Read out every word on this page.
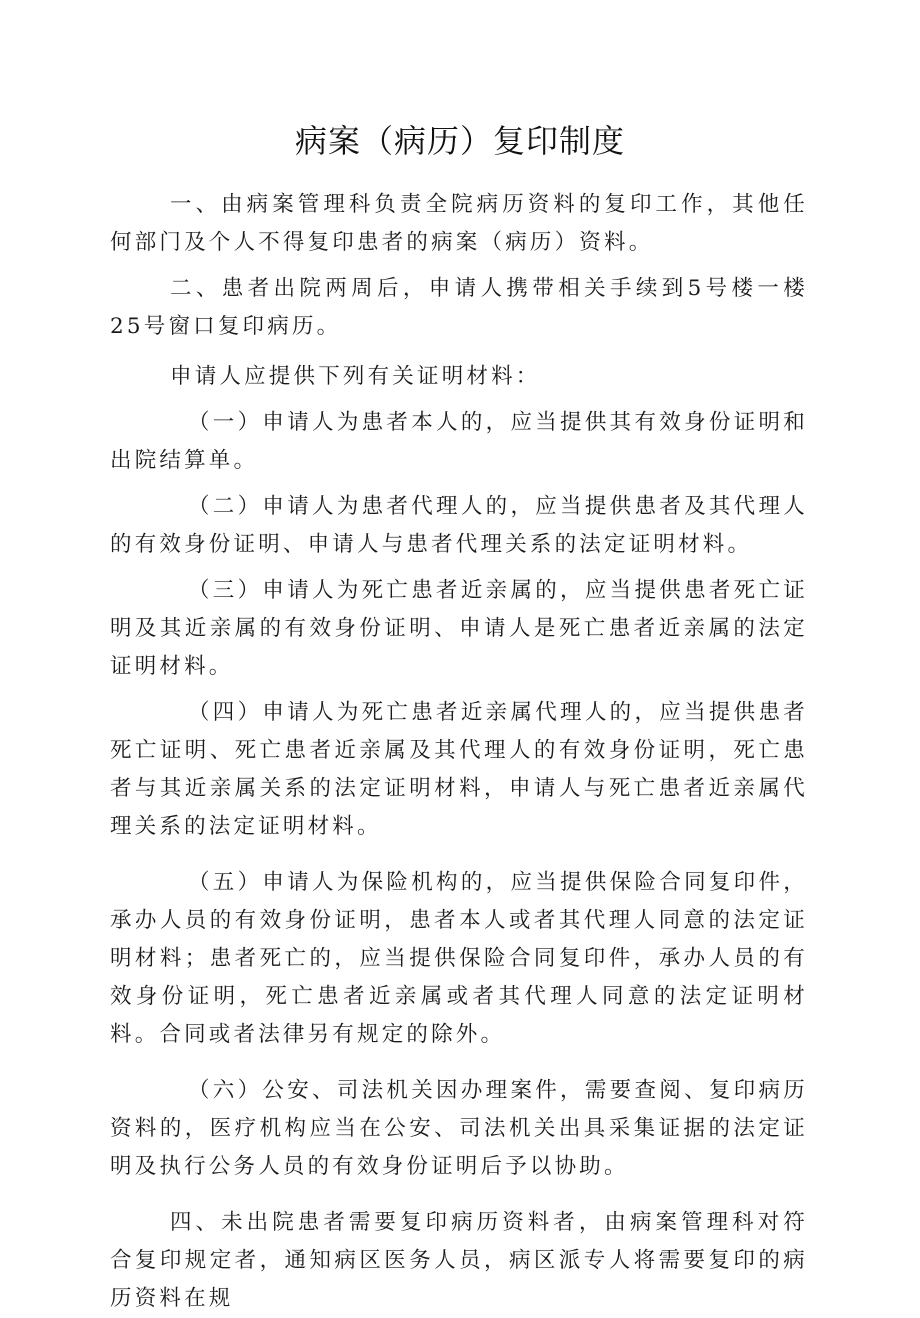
病案（病历）复印制度

一、由病案管理科负责全院病历资料的复印工作，其他任何部门及个人不得复印患者的病案（病历）资料。

二、患者出院两周后，申请人携带相关手续到5号楼一楼25号窗口复印病历。

申请人应提供下列有关证明材料：

（一）申请人为患者本人的，应当提供其有效身份证明和出院结算单。

（二）申请人为患者代理人的，应当提供患者及其代理人的有效身份证明、申请人与患者代理关系的法定证明材料。

（三）申请人为死亡患者近亲属的，应当提供患者死亡证明及其近亲属的有效身份证明、申请人是死亡患者近亲属的法定证明材料。

（四）申请人为死亡患者近亲属代理人的，应当提供患者死亡证明、死亡患者近亲属及其代理人的有效身份证明，死亡患者与其近亲属关系的法定证明材料，申请人与死亡患者近亲属代理关系的法定证明材料。

（五）申请人为保险机构的，应当提供保险合同复印件，承办人员的有效身份证明，患者本人或者其代理人同意的法定证明材料；患者死亡的，应当提供保险合同复印件，承办人员的有效身份证明，死亡患者近亲属或者其代理人同意的法定证明材料。合同或者法律另有规定的除外。

（六）公安、司法机关因办理案件，需要查阅、复印病历资料的，医疗机构应当在公安、司法机关出具采集证据的法定证明及执行公务人员的有效身份证明后予以协助。

四、未出院患者需要复印病历资料者，由病案管理科对符合复印规定者，通知病区医务人员，病区派专人将需要复印的病历资料在规
